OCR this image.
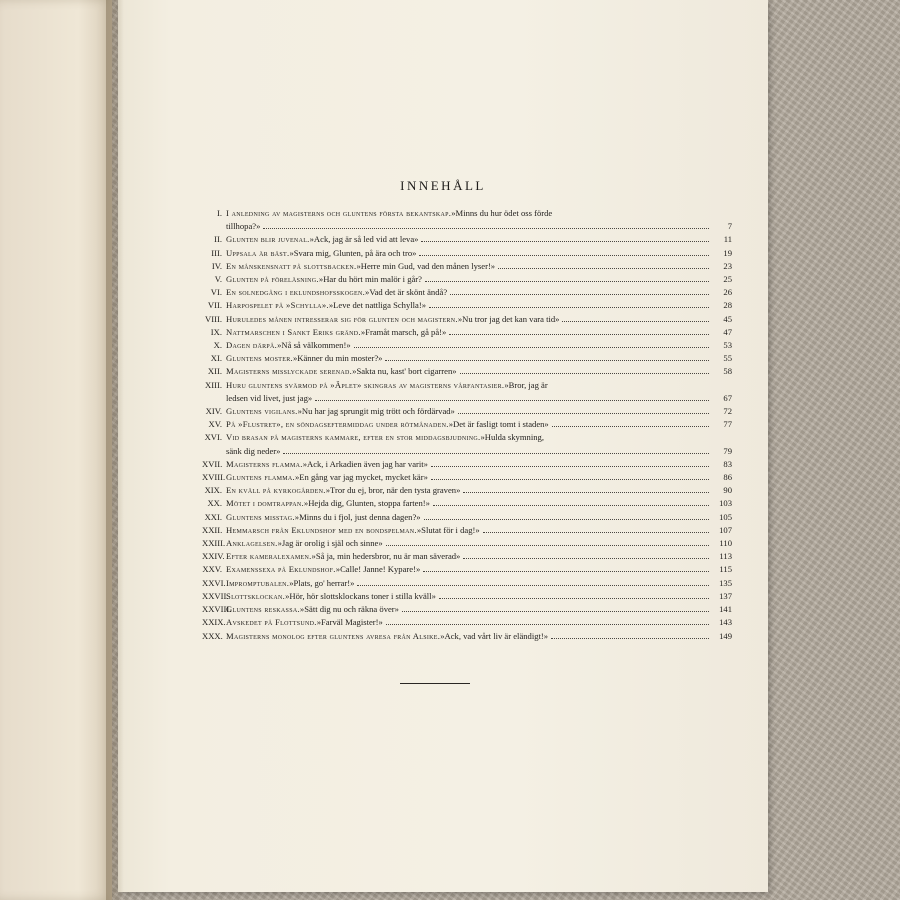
INNEHÅLL
I. I anledning av magisterns och gluntens första bekantskap. »Minns du hur ödet oss förde
tillhopa?»	7
II. Glunten blir juvenal. »Ack, jag är så led vid att leva»	11
III. Uppsala är bäst. »Svara mig, Glunten, på ära och tro»	19
IV. En månskensnatt på slottsbacken. »Herre min Gud, vad den månen lyser!»	23
V. Glunten på föreläsning. »Har du hört min malör i går?	25
VI. En solnedgång i eklundshofsskogen. »Vad det är skönt ändå?	26
VII. Harpospelet på »Schylla». »Leve det nattliga Schylla!»	28
VIII. Huruledes månen intresserar sig för glunten och magistern. »Nu tror jag det kan vara tid»	45
IX. Nattmarschen i Sankt Eriks gränd. »Framåt marsch, gå på!»	47
X. Dagen därpå. »Nå så välkommen!»	53
XI. Gluntens moster. »Känner du min moster?»	55
XII. Magisterns misslyckade serenad. »Sakta nu, kast' bort cigarren»	58
XIII. Huru gluntens svärmod på »Äplet» skingras av magisterns vårfantasier. »Bror, jag är
ledsen vid livet, just jag»	67
XIV. Gluntens vigilans. »Nu har jag sprungit mig trött och fördärvad»	72
XV. På »Flustret», en söndagseftermiddag under rötmånaden. »Det är fasligt tomt i staden»	77
XVI. Vid brasan på magisterns kammare, efter en stor middagsbjudning. »Hulda skymning,
sänk dig neder»	79
XVII. Magisterns flamma. »Ack, i Arkadien även jag har varit»	83
XVIII. Gluntens flamma. »En gång var jag mycket, mycket kär»	86
XIX. En kväll på kyrkogården. »Tror du ej, bror, när den tysta graven»	90
XX. Mötet i domtrappan. »Hejda dig, Glunten, stoppa farten!»	103
XXI. Gluntens misstag. »Minns du i fjol, just denna dagen?»	105
XXII. Hemmarsch från Eklundshof med en bondspelman. »Slutat för i dag!»	107
XXIII. Anklagelsen. »Jag är orolig i själ och sinne»	110
XXIV. Efter kameralexamen. »Så ja, min hedersbror, nu är man säverad»	113
XXV. Examenssexa på Eklundshof. »Calle! Janne! Kypare!»	115
XXVI. Impromptubalen. »Plats, go' herrar!»	135
XXVII.
Slottsklockan. »Hör, hör slottsklockans toner i stilla kväll»	137
XXVIII.
Gluntens reskassa. »Sätt dig nu och räkna över»	141
XXIX. Avskedet på Flottsund. »Farväl Magister!»	143
XXX. Magisterns monolog efter gluntens avresa från Alsike. »Ack, vad vårt liv är eländigt!»	149
